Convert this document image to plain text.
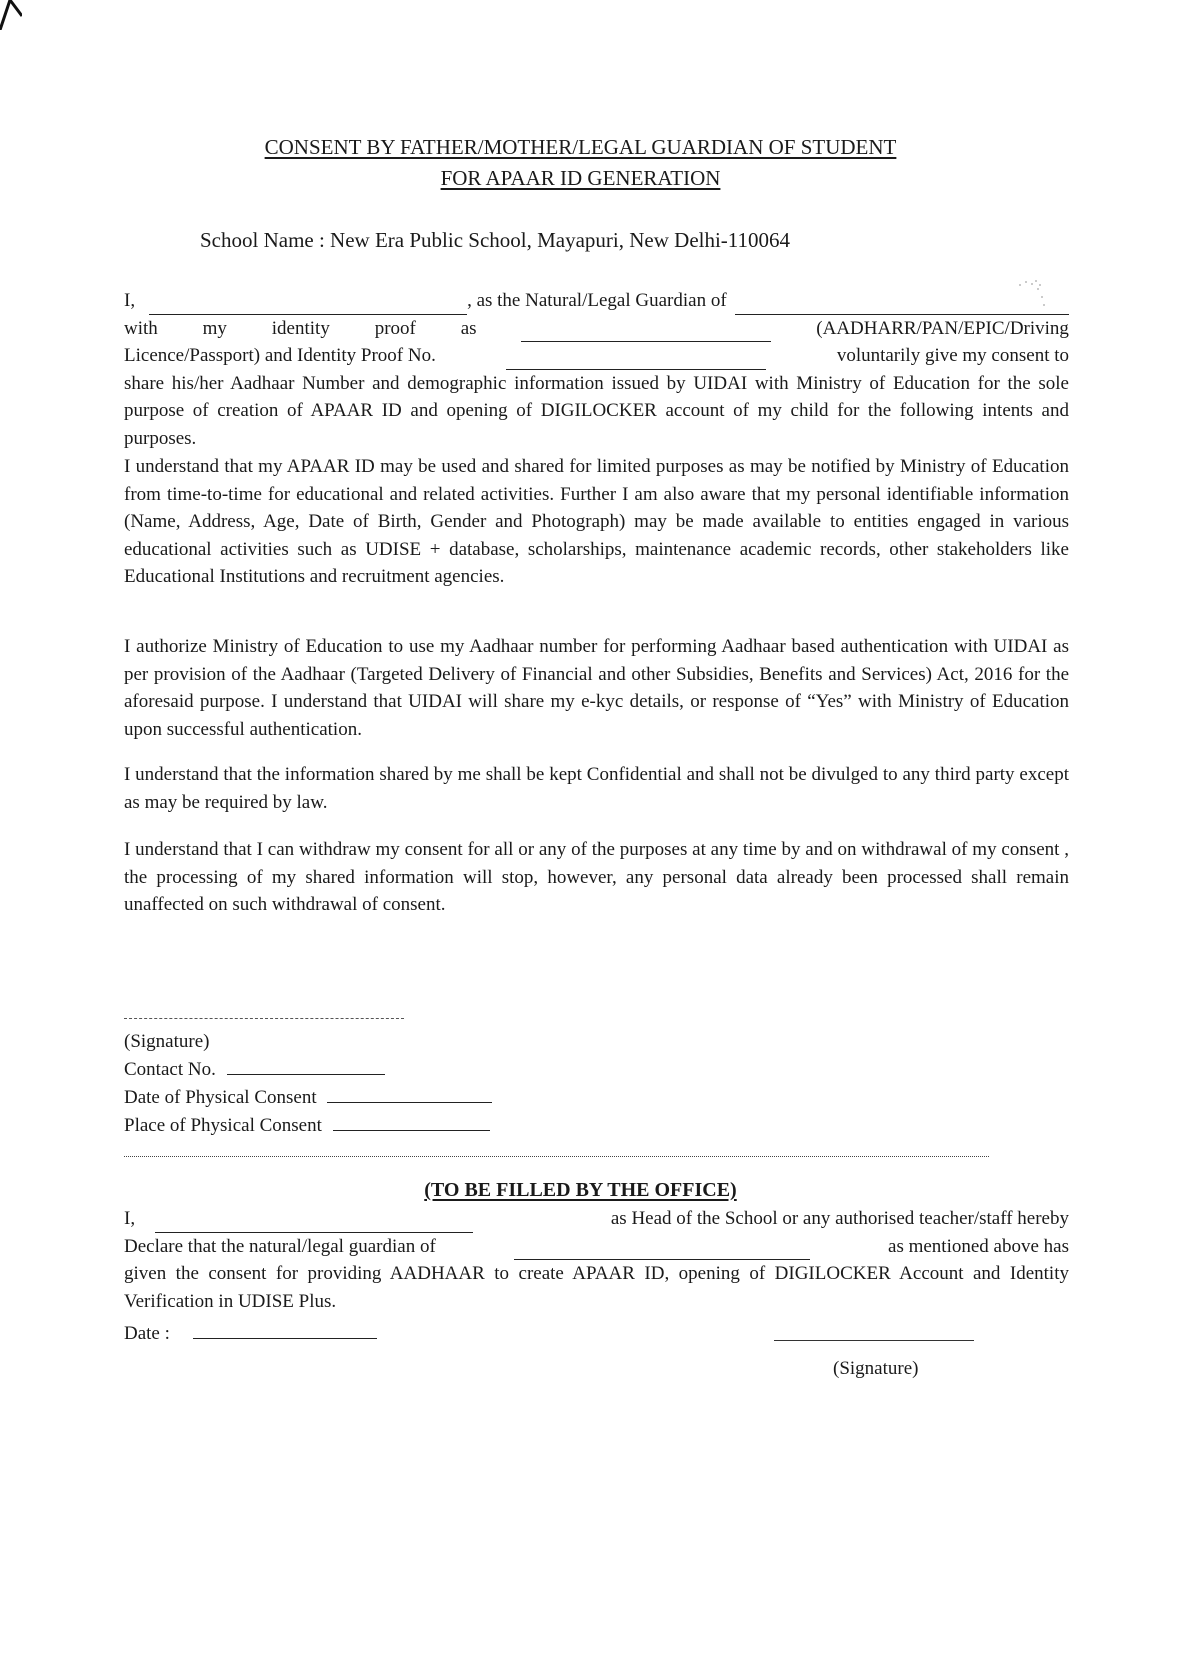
CONSENT BY FATHER/MOTHER/LEGAL GUARDIAN OF STUDENT
FOR APAAR ID GENERATION
School Name : New Era Public School, Mayapuri, New Delhi-110064
I,	, as the Natural/Legal Guardian of
with my identity proof as	(AADHARR/PAN/EPIC/Driving
Licence/Passport) and Identity Proof No.	voluntarily give my consent to
share his/her Aadhaar Number and demographic information issued by UIDAI with Ministry of Education for the sole purpose of creation of APAAR ID and opening of DIGILOCKER account of my child for the following intents and purposes.
I understand that my APAAR ID may be used and shared for limited purposes as may be notified by Ministry of Education from time-to-time for educational and related activities. Further I am also aware that my personal identifiable information (Name, Address, Age, Date of Birth, Gender and Photograph) may be made available to entities engaged in various educational activities such as UDISE + database, scholarships, maintenance academic records, other stakeholders like Educational Institutions and recruitment agencies.
I authorize Ministry of Education to use my Aadhaar number for performing Aadhaar based authentication with UIDAI as per provision of the Aadhaar (Targeted Delivery of Financial and other Subsidies, Benefits and Services) Act, 2016 for the aforesaid purpose. I understand that UIDAI will share my e-kyc details, or response of “Yes” with Ministry of Education upon successful authentication.
I understand that the information shared by me shall be kept Confidential and shall not be divulged to any third party except as may be required by law.
I understand that I can withdraw my consent for all or any of the purposes at any time by and on withdrawal of my consent , the processing of my shared information will stop, however, any personal data already been processed shall remain unaffected on such withdrawal of consent.
(Signature)
Contact No.
Date of Physical Consent
Place of Physical Consent
(TO BE FILLED BY THE OFFICE)
I,	as Head of the School or any authorised teacher/staff hereby
Declare that the natural/legal guardian of	as mentioned above has
given the consent for providing AADHAAR to create APAAR ID, opening of DIGILOCKER Account and Identity Verification in UDISE Plus.
Date :
(Signature)
